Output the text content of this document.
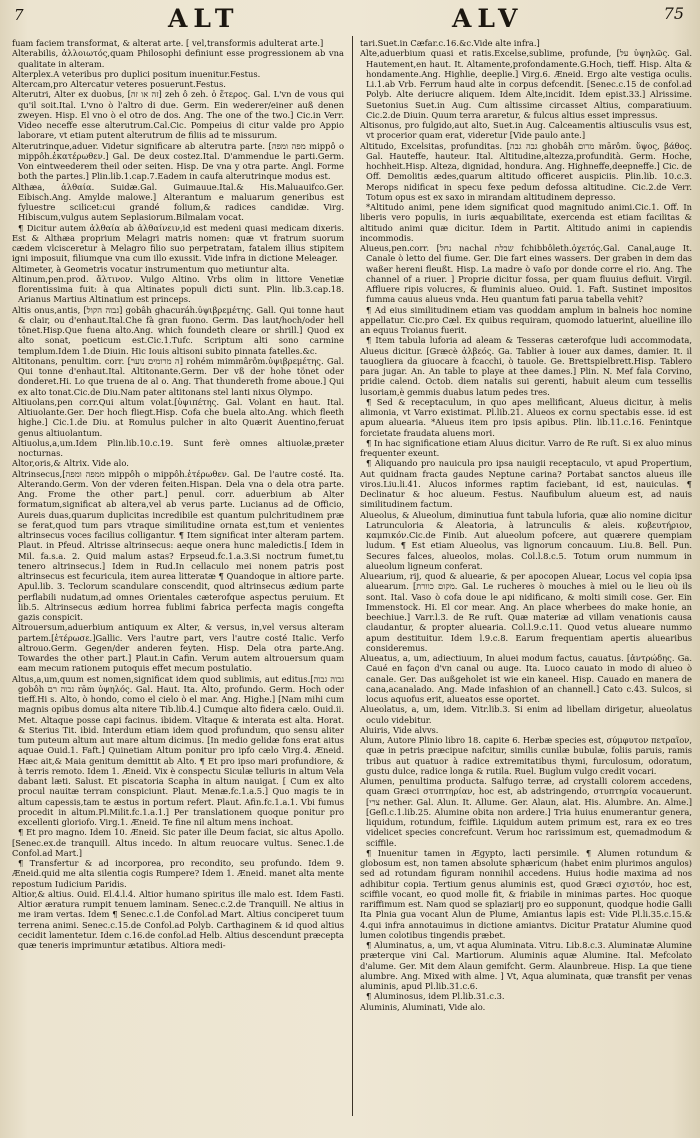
7	ALT	ALV	75

fuam faciem transformat, & alterat arte. [ vel,transformis adulterat arte.]

Alterabilis, ἀλλοιωτός,quam Philosophi definiunt esse progressionem ab vna qualitate in alteram.

Alterplex.A veteribus pro duplici positum inuenitur.Festus.

Altercam,pro Altercatur veteres posuerunt.Festus.

Alterutri, Alter ex duobus, [זה או זה] zeh ô zeh. ὁ ἕτερος. Gal. L'vn de vous qui qu'il soit.Ital. L'vno ò l'altro di due. Germ. Ein wederer/einer auß denen zweyen. Hisp. El vno ò el otro de dos. Ang. The one of the two.] Cic.in Verr. Video neceffe esse alterutrum.Cal.Cic. Pompeius di citur valde pro Appio laborare, vt etiam putent alterutrum de filiis ad te missurum.

Alterutrinque,aduer. Videtur significare ab alterutra parte. [מפה ומפה mippô o mippôh.ἑκατέρωθεν.] Gal. De deux costez.Ital. D'ammendue le parti.Germ. Von eintweederem theil oder seiten. Hisp. De vna y otra parte. Angl. Forme both the partes.] Plin.lib.1.cap.7.Eadem in caufa alterutrinque modus est.

Althæa, ἀλθαία. Suidæ.Gal. Guimauue.Ital.& His.Maluauifco.Ger. Eibisch.Ang. Amylde malowe.] Alterantum e maluarum generibus est fyluestre scilicet:cui grandé folium,& radices candidæ. Virg. Hibiscum,vulgus autem Seplasiorum.Bilmalam vocat.

¶ Dicitur autem ἀλθαία ab ἀλθαίνειν,id est medeni quasi medicam dixeris. Est & Althæa proprium Melagri matris nomen: quæ vt fratrum suorum cædem vlcisceretur à Melagro filio suo perpetratam, fatalem illius stipitem igni imposuit, filiumque vna cum illo exussit. Vide infra in dictione Meleager.

Altimeter, à Geometris vocatur instrumentum quo metiuntur alta.

Altinum,pen.prod. ἄλτινον. Vulgo Altino. Vrbs olim in littore Venetiæ florentissima fuit: à qua Altinates populi dicti sunt. Plin. lib.3.cap.18. Arianus Martius Altinatium est princeps.

Altis onus,antis, [גבוה הקול] gobâh ghacuráh.ὑψιβρεμέτης. Gall. Qui tonne haut & clair, ou d'enhaut.Ital.Che fà gran fuono. Germ. Das laut/hoch/oder hell tönet.Hisp.Que fuena alto.Ang. which foundeth cleare or shrill.] Quod ex alto sonat, poeticum est.Cic.1.Tufc. Scriptum alti sono carmine templum.Idem 1.de Diuin. Hic Iouis altisoni subito pinnata fatelles.&c.

Altitonans, penultim. corr. [ה מרומים נוער] rohém mimmârôm.ὑψιβρεμέτης. Gal. Qui tonne d'enhaut.Ital. Altitonante.Germ. Der vß der hohe tönet oder donderet.Hi. Lo que truena de al o. Ang. That thundereth frome aboue.] Qui ex alto tonat.Cic.de Diu.Nam pater altitonans stel lanti nixus Olympo.

Altiuolans,pen corr.Qui altum volat.[ὑψιπέτης. Gal. Volant en haut. Ital. Altiuolante.Ger. Der hoch fliegt.Hisp. Cofa che buela alto.Ang. which fleeth highe.] Cic.1.de Diu. at Romulus pulcher in alto Quærit Auentino,feruat genus altiuolantum.

Altiuolus,a,um.Idem Plin.lib.10.c.19. Sunt ferè omnes altiuolæ,præter nocturnas.

Altor,oris,& Altrix. Vide alo.

Altrinsecus,[ממפה ומפה mippôh o mippôh.ἑτέρωθεν. Gal. De l'autre costé. Ita. Alterando.Germ. Von der vderen feiten.Hispan. Dela vna o dela otra parte. Ang. Frome the other part.] penul. corr. aduerbium ab Alter formatum,significat ab altera,vel ab verus parte. Lucianus ad de Officio, Aureis duas,quarum duplicitas incredibile est quantum pulchritudinem præ se ferat,quod tum pars vtraque similitudine ornata est,tum et venientes altrinsecus voces facilius colligantur. ¶ Item significat inter alteram partem. Plaut. in Pfeud. Altrisse altrinsecus: aeque onera hunc maledictis.[ Idem in Mil. fa.s.a. 2. Quid malum astas? Erpseud.fc.1.a.3.Si noctrum fumet,tu tenero altrinsecus.] Idem in Rud.In cellaculo mei nonem patris post altrinsecus est fecuricula, item aurea litteratæ ¶ Quandoque in altiore parte. Apul.lib. 3. Teclorum scandulare conscendit, quod altrinsecus ædium parte perflabili nudatum,ad omnes Orientales cæterofque aspectus peruium. Et lib.5. Altrinsecus ædium horrea fublimi fabrica perfecta magis congefta gazis conspicit.

Altrouersum,aduerbium antiquum ex Alter, & versus, in,vel versus alteram partem.[ἑτέρωσε.]Gallic. Vers l'autre part, vers l'autre costé Italic. Verfo altrouo.Germ. Gegen/der anderen feyten. Hisp. Dela otra parte.Ang. Towardes the other part.] Plaut.in Cafin. Verum autem altrouersum quam eam mecum rationem putoquis effet mecum postulatio.

Altus,a,um,quum est nomen,significat idem quod sublimis, aut editus.[גבוה גבוה gobôh גבוה רם rām ὑψηλός. Gal. Haut. Ita. Alto, profundo. Germ. Hoch oder tieff.Hi s. Alto, ò hondo, como el cielo ò el mar. Ang. Highe.] [Nam mihi cum magnis opibus domus alta nitere Tib.lib.4.] Cumque alto fidera cælo. Ouid.ii. Met. Altaque posse capi facinus. ibidem. Vltaque & interata est alta. Horat. & Sterius Tit. ibid. Interdum etiam idem quod profundum, quo sensu aliter tum puteum altum aut mare altum dicimus. [In medio gelidæ fons erat aitus aquae Ouid.1. Faft.] Quinetiam Altum ponitur pro ipfo cælo Virg.4. Æneid. Hæc ait,& Maia genitum demittit ab Alto. ¶ Et pro ipso mari profundiore, & à terris remoto. Idem 1. Æneid. Vix è conspectu Siculæ telluris in altum Vela dabant læti. Salust. Et piscatoria Scapha in altum nauigat. [ Cum ex alto procul nauitæ terram conspiciunt. Plaut. Menæ.fc.1.a.5.] Quo magis te in altum capessis,tam te æstus in portum refert. Plaut. Afin.fc.1.a.1. Vbi fumus procedit in altum.Pl.Milit.fc.1.a.1.] Per translationem quoque ponitur pro excellenti gloriofo. Virg.1. Æneid. Te fine nil altum mens inchoat.

¶ Et pro magno. Idem 10. Æneid. Sic pater ille Deum faciat, sic altus Apollo. [Senec.ex.de tranquill. Altus incedo. In altum reuocare vultus. Senec.1.de Confol.ad Mart.]

¶ Transfertur & ad incorporea, pro recondito, seu profundo. Idem 9. Æneid.quid me alta silentia cogis Rumpere? Idem 1. Æneid. manet alta mente repostum Iudicium Paridis.

Altior,& altius. Ouid. El.4.l.4. Altior humano spiritus ille malo est. Idem Fasti. Altior æratura rumpit tenuem laminam. Senec.c.2.de Tranquill. Ne altius in me iram vertas. Idem ¶ Senec.c.1.de Confol.ad Mart. Altius conciperet tuum terrena animi. Senec.c.15.de Confol.ad Polyb. Carthaginem & id quod altius cecidit lamentetur. Idem c.16.de confol.ad Helb. Altius descendunt præcepta quæ teneris imprimuntur ætatibus. Altiora medi-

tari.Suet.in Cæfar.c.16.&c.Vide alte infra.]

Alte,aduerbium quasi et ratis.Excelse,sublime, profunde, [על ὑψηλῶς. Gal. Hautement,en haut. It. Altamente,profondamente.G.Hoch, tieff. Hisp. Alta & hondamente.Ang. Highlie, deeplie.] Virg.6. Æneid. Ergo alte vestiga oculis. Li.1.ab Vrb. Ferrum haud alte in corpus defcendit. [Senec.c.15 de confol.ad Polyb. Alte deriucre aliquem. Idem Alte,incidit. Idem epist.33.] Alrissime. Suetonius Suet.in Aug. Cum altissime circasset Altius, comparatiuum. Cic.2.de Diuin. Quum terra araretur, & fulcus altius esset impressus.

Altisonus, pro fulgido,aut alto, Suet.in Aug. Calceamentis altiusculis vsus est, vt procerior quam erat, videretur [Vide paulo ante.]

Altitudo, Excelsitas, profunditas. [גבה גבה ghobâh מרום mārôm. ὕψος, βάθος. Gal. Hauteffe, hauteur. Ital. Altitudine,altezza,profundità. Germ. Hoche, hochheit.Hisp. Alteza, dignidad, hondura. Ang. Highneffe,deepneffe.] Cic. de Off. Demolitis ædes,quarum altitudo officeret auspiciis. Plin.lib. 10.c.3. Merops nidificat in specu fexe pedum defossa altitudine. Cic.2.de Verr. Totum opus est ex saxo in mirandam altitudinem depresso.

*Altitudo animi, pene idem significat quod magnitudo animi.Cic.1. Off. In liberis vero populis, in iuris æquabilitate, exercenda est etiam facilitas & altitudo animi quæ dicitur. Idem in Partit. Altitudo animi in capiendis incommodis.

Alueus,pen.corr. [נחל nachal שבלת fchibbôleth.ὀχετός.Gal. Canal,auge It. Canale ò letto del fiume. Ger. Die fart eines wassers. Der graben in dem das waßer hereni fleußt. Hisp. La madre ò vaſo por donde corre el rio. Ang. The channel of a riuer. ] Proprie dicitur fossa, per quam fluuius defluit. Virgil. Affluere ripis volucres, & fluminis alueo. Ouid. 1. Faft. Sustinet impositos fumma cauus alueus vnda. Heu quantum fati parua tabella vehit?

¶ Ad eius similitudinem etiam vas quoddam amplum in balneis hoc nomine appellatur. Cic.pro Cæl. Ex quibus requiram, quomodo latuerint, alueiline illo an equus Troianus fuerit.

¶ Item tabula luforia ad aleam & Tesseras cæterofque ludi accommodata, Alueus dicitur. [Græcè ἀλβεός. Ga. Tablier à iouer aux dames, damier. It. il tauogliera da giuocare à fcacchi, ò tauole. Ge. Brettspielbrett.Hisp. Tablero para jugar. An. An table to playe at thee dames.] Plin. N. Mef fala Corvino, pridie calend. Octob. diem natalis sui gerenti, habuit aleum cum tessellis lusoriam,è gemmis duabus latum pedes tres.

¶ Sed & receptaculum, in quo apes mellificant, Alueus dicitur, à melis alimonia, vt Varro existimat. Pl.lib.21. Alueos ex cornu spectabis esse. id est apum aluearia. *Alueus item pro ipsis apibus. Plin. lib.11.c.16. Fenintque forcietate fraudata aluens mori.

¶ In hac significatione etiam Aluus dicitur. Varro de Re ruſt. Si ex aluo minus frequenter exeunt.

¶ Aliquando pro nauicula pro ipsa nauigii receptaculo, vt apud Propertium, Aut quidnam fracta gaudes Neptune carina? Portabat sanctos alueus ille viros.Liu.li.41. Alucos informes raptim faciebant, id est, nauiculas. ¶ Declinatur & hoc alueum. Festus. Naufibulum alueum est, ad nauis similitudinem factum.

Alueolus, & Alueolum, diminutiua funt tabula luforia, quæ alio nomine dicitur Latrunculoria & Aleatoria, à latrunculis & aleis. κυβευτήριον, καμπικόν.Cic.de Finib. Aut alueolum pofcere, aut quærere quempiam ludum. ¶ Est etiam Alueolus, vas lignorum concauum. Liu.8. Bell. Pun. Secures falces, alueolos, molas. Col.l.8.c.5. Totum orum nummum in alueolum ligneum conferat.

Aluearium, rij, quod & aluearie, & per apocopen Aluear, Locus vel copia ipsa aluearum. [מקום כוורת. Gal. Le rucheres ò mouches à miel ou le lieu où ils sont. Ital. Vaso ò cofa doue le api nidificano, & molti simili cose. Ger. Ein Immenstock. Hi. El cor mear. Ang. An place wherbees do make honie, an beechiue.] Varr.l.3. de Re ruſt. Quæ materiæ ad villam venationis causa claudantur, & propter aluearia. Col.l.9.c.11. Quod vetus alueare nummo apum destituitur. Idem l.9.c.8. Earum frequentiam apertis aluearibus consideremus.

Alueatus, a, um, adiectiuum, In aluei modum factus, cauatus. [ἀντρώδης. Ga. Caué en façon d'vn canal ou auge. Ita. Luoco cauato in modo di alueo ò canale. Ger. Das außgeholet ist wie ein kaneel. Hisp. Cauado en manera de cana,acanalado. Ang. Made infashion of an channell.] Cato c.43. Sulcos, si locus aquofus erit, alueatos esse oportet.

Alueolatus, a, um, idem. Vitr.lib.3. Si enim ad libellam dirigetur, alueolatus oculo videbitur.

Aluiris, Vide alvvs.

Alum, Autore Plinio libro 18. capite 6. Herbæ species est, σύμφυτον πετραῖον, quæ in petris præcipue nafcitur, similis cunilæ bubulæ, foliis paruis, ramis tribus aut quatuor à radice extremitatibus thymi, furculosum, odoratum, gustu dulce, radice longa & rutila. Ruel. Buglum vulgo credit vocari.

Alumen, penultima producta. Salfugo terræ, ad crystalli colorem accedens, quam Græci στυπτηρίαν, hoc est, ab adstringendo, στυπτηρία vocauerunt. [צרי nether. Gal. Alun. It. Allume. Ger. Alaun, alat. His. Alumbre. An. Alme.] [Geſl.c.1.lib.25. Alumine obita non ardere.] Tria huius enumerantur genera, liquidum, rotundum, fciffile. Liquidum autem primum est, rara ex eo tres videlicet species concrefcunt. Verum hoc rarissimum est, quemadmodum & sciffile.

¶ Inuenitur tamen in Ægypto, lacti persimile. ¶ Alumen rotundum & globosum est, non tamen absolute sphæricum (habet enim plurimos angulos) sed ad rotundam figuram nonnihil accedens. Huius hodie maxima ad nos adhibitur copia. Tertium genus aluminis est, quod Græci σχιστόν, hoc est, sciffile vocant, eo quod molle fit, & friabile in minimas partes. Hoc quoque rariffimum est. Nam quod se splaziarij pro eo supponunt, quodque hodie Galli Ita Plnia gua vocant Alun de Plume, Amiantus lapis est: Vide Pl.li.35.c.15.& 4.qui infra annotauimus in dictione amiantvs. Dicitur Pratatur Alumine quod lumen colotibus tingendis præbet.

¶ Aluminatus, a, um, vt aqua Aluminata. Vitru. Lib.8.c.3. Aluminatæ Alumine præterque vini Cal. Martiorum. Aluminis aquæ Alumine. Ital. Mefcolato d'alume. Ger. Mit dem Alaun gemifcht. Germ. Alaunbreue. Hisp. La que tiene alumbre. Ang. Mixed with alme. ] Vt, Aqua aluminata, quæ transfit per venas aluminis, apud Pl.lib.31.c.6.

¶ Aluminosus, idem Pl.lib.31.c.3.

Aluminis, Aluminati, Vide alo.
